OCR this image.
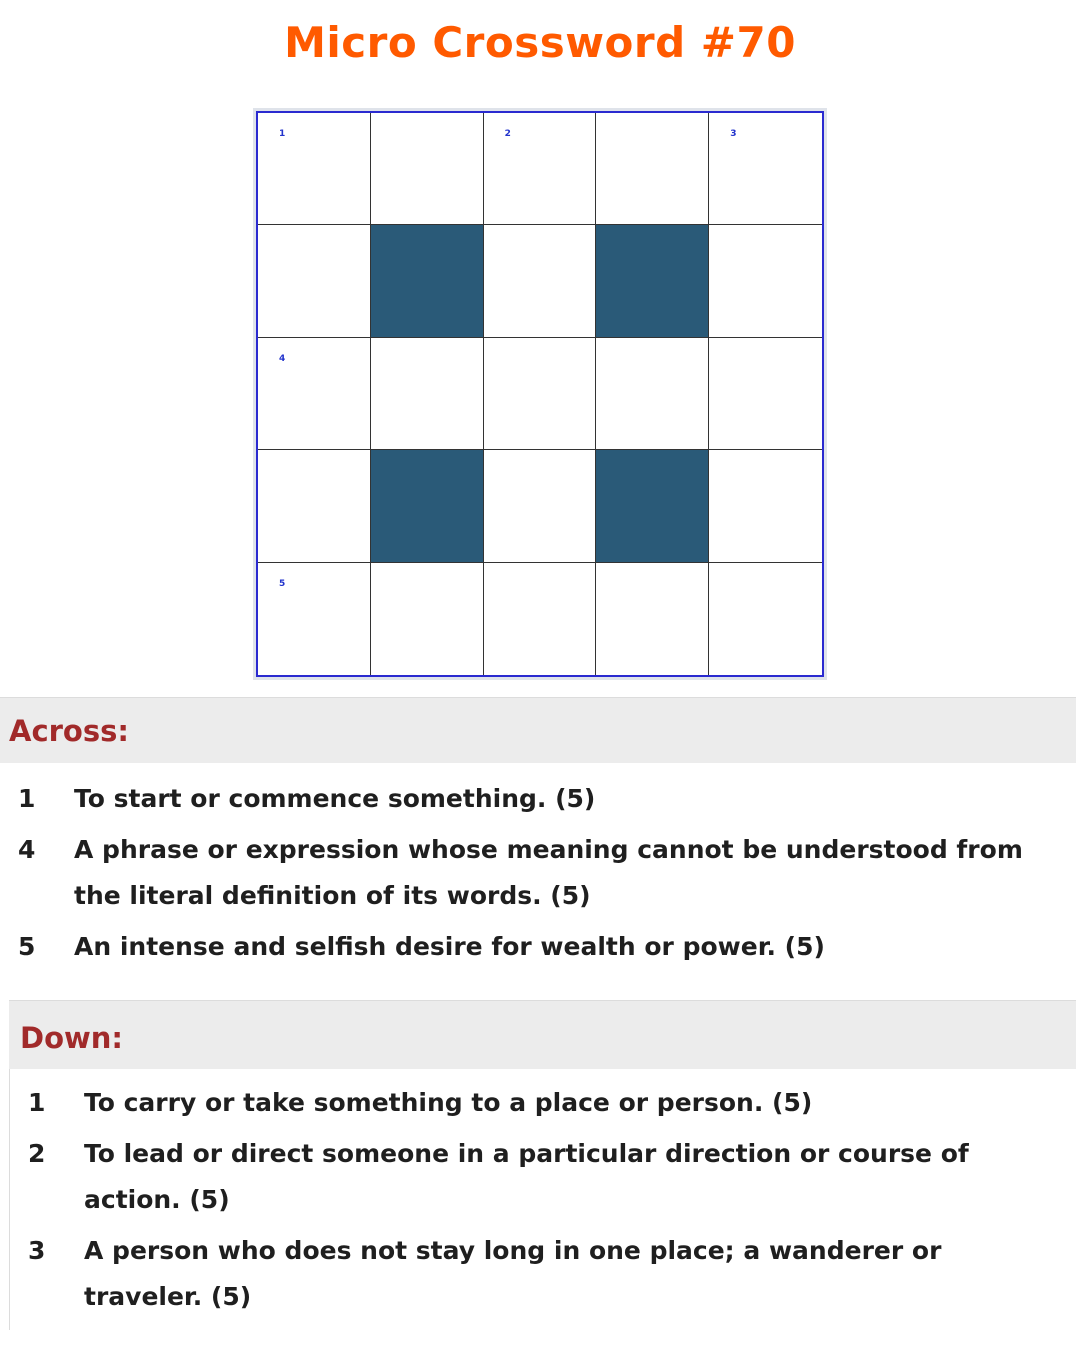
Micro Crossword #70
1	2	3
4
5
Across:
1	To start or commence something. (5)
4	A phrase or expression whose meaning cannot be understood from the literal definition of its words. (5)
5	An intense and selfish desire for wealth or power. (5)
Down:
1	To carry or take something to a place or person. (5)
2	To lead or direct someone in a particular direction or course of action. (5)
3	A person who does not stay long in one place; a wanderer or traveler. (5)
